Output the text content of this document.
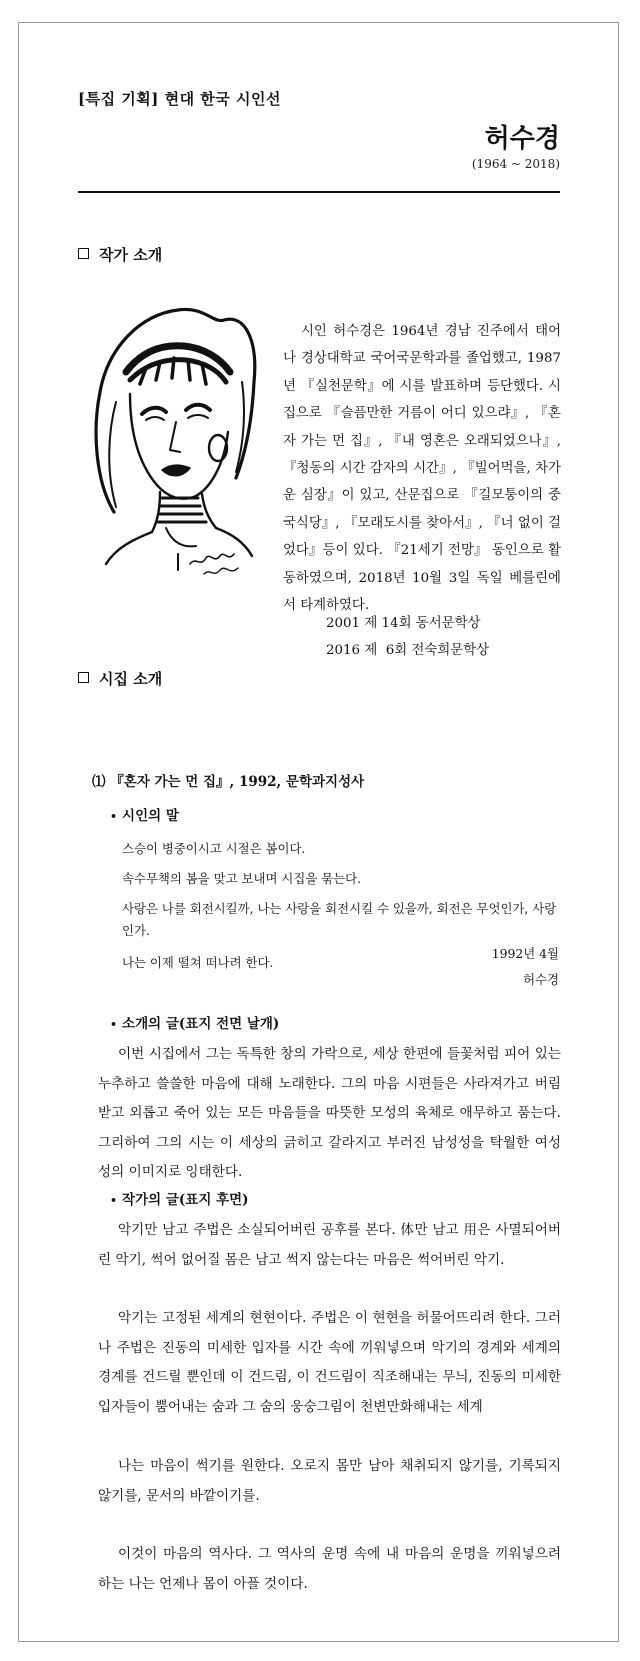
[특집 기획] 현대 한국 시인선
허수경
(1964 ~ 2018)
작가 소개

시인 허수경은 1964년 경남 진주에서 태어나 경상대학교 국어국문학과를 졸업했고, 1987년 『실천문학』에 시를 발표하며 등단했다. 시집으로 『슬픔만한 거름이 어디 있으랴』, 『혼자 가는 먼 집』, 『내 영혼은 오래되었으나』, 『청동의 시간 감자의 시간』, 『빌어먹을, 차가운 심장』이 있고, 산문집으로 『길모퉁이의 중국식당』, 『모래도시를 찾아서』, 『너 없이 걸었다』등이 있다. 『21세기 전망』 동인으로 활동하였으며, 2018년 10월 3일 독일 베를린에서 타계하였다.

2001 제 14회 동서문학상
2016 제  6회 전숙희문학상
시집 소개
⑴ 『혼자 가는 먼 집』, 1992, 문학과지성사
• 시인의 말

스승이 병중이시고 시절은 봄이다.

속수무책의 봄을 맞고 보내며 시집을 묶는다.

사랑은 나를 회전시킬까, 나는 사랑을 회전시킬 수 있을까, 회전은 무엇인가, 사랑인가.

나는 이제 떨쳐 떠나려 한다.

1992년 4월
허수경
• 소개의 글(표지 전면 날개)

이번 시집에서 그는 독특한 창의 가락으로, 세상 한편에 들꽃처럼 피어 있는 누추하고 쓸쓸한 마음에 대해 노래한다. 그의 마음 시편들은 사라져가고 버림받고 외롭고 죽어 있는 모든 마음들을 따뜻한 모성의 육체로 애무하고 품는다. 그리하여 그의 시는 이 세상의 긁히고 갈라지고 부러진 남성성을 탁월한 여성성의 이미지로 잉태한다.

• 작가의 글(표지 후면)

악기만 남고 주법은 소실되어버린 공후를 본다. 体만 남고 用은 사멸되어버린 악기, 썩어 없어질 몸은 남고 썩지 않는다는 마음은 썩어버린 악기.

악기는 고정된 세계의 현현이다. 주법은 이 현현을 허물어뜨리려 한다. 그러나 주법은 진동의 미세한 입자를 시간 속에 끼워넣으며 악기의 경계와 세계의 경계를 건드릴 뿐인데 이 건드림, 이 건드림이 직조해내는 무늬, 진동의 미세한 입자들이 뿜어내는 숨과 그 숨의 웅숭그림이 천변만화해내는 세계

나는 마음이 썩기를 원한다. 오로지 몸만 남아 채취되지 않기를, 기록되지 않기를, 문서의 바깥이기를.

이것이 마음의 역사다. 그 역사의 운명 속에 내 마음의 운명을 끼워넣으려 하는 나는 언제나 몸이 아플 것이다.
